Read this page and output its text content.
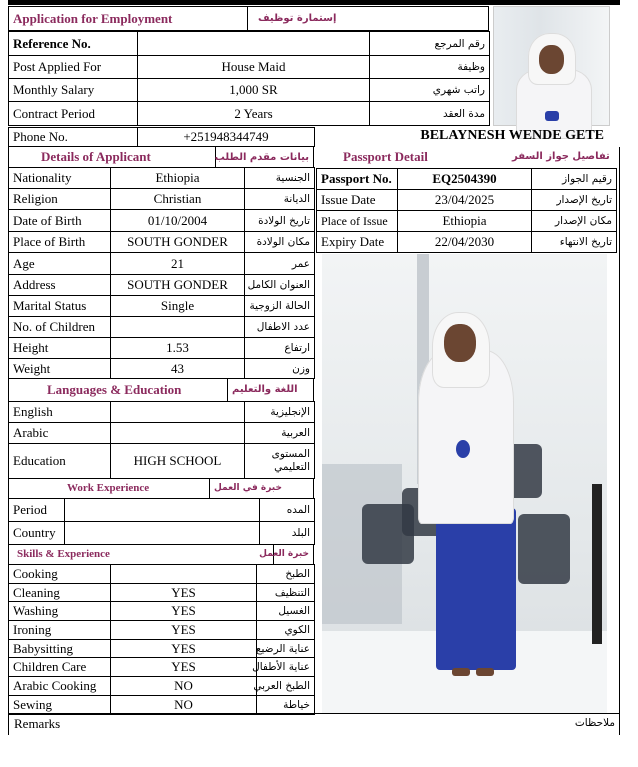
Application for Employment	إستمارة توظيف
Reference No.		رقم المرجع
Post Applied For	House Maid	وظيفة
Monthly Salary	1,000 SR	راتب شهري
Contract Period	2 Years	مدة العقد
Phone No.	+251948344749	BELAYNESH WENDE GETE
Details of Applicant	بيانات مقدم الطلب
Nationality	Ethiopia	الجنسية
Religion	Christian	الديانة
Date of Birth	01/10/2004	تاريخ الولادة
Place of Birth	SOUTH GONDER	مكان الولادة
Age	21	عمر
Address	SOUTH GONDER	العنوان الكامل
Marital Status	Single	الحالة الزوجية
No. of Children		عدد الاطفال
Height	1.53	ارتفاع
Weight	43	وزن
Languages & Education	اللغة والتعليم
English		الإنجليزية
Arabic		العربية
Education	HIGH SCHOOL	المستوى التعليمي
Work Experience	خبرة في العمل
Period		المده
Country		البلد
Skills & Experience	خبرة العمل
Cooking		الطبخ
Cleaning	YES	التنظيف
Washing	YES	الغسيل
Ironing	YES	الكوي
Babysitting	YES	عناية الرضيع
Children Care	YES	عناية الأطفال
Arabic Cooking	NO	الطبخ العربي
Sewing	NO	خياطة
Passport Detail	تفاصيل جواز السفر
Passport No.	EQ2504390	رقيم الجواز
Issue Date	23/04/2025	تاريخ الإصدار
Place of Issue	Ethiopia	مكان الإصدار
Expiry Date	22/04/2030	تاريخ الانتهاء
Remarks	ملاحظات
